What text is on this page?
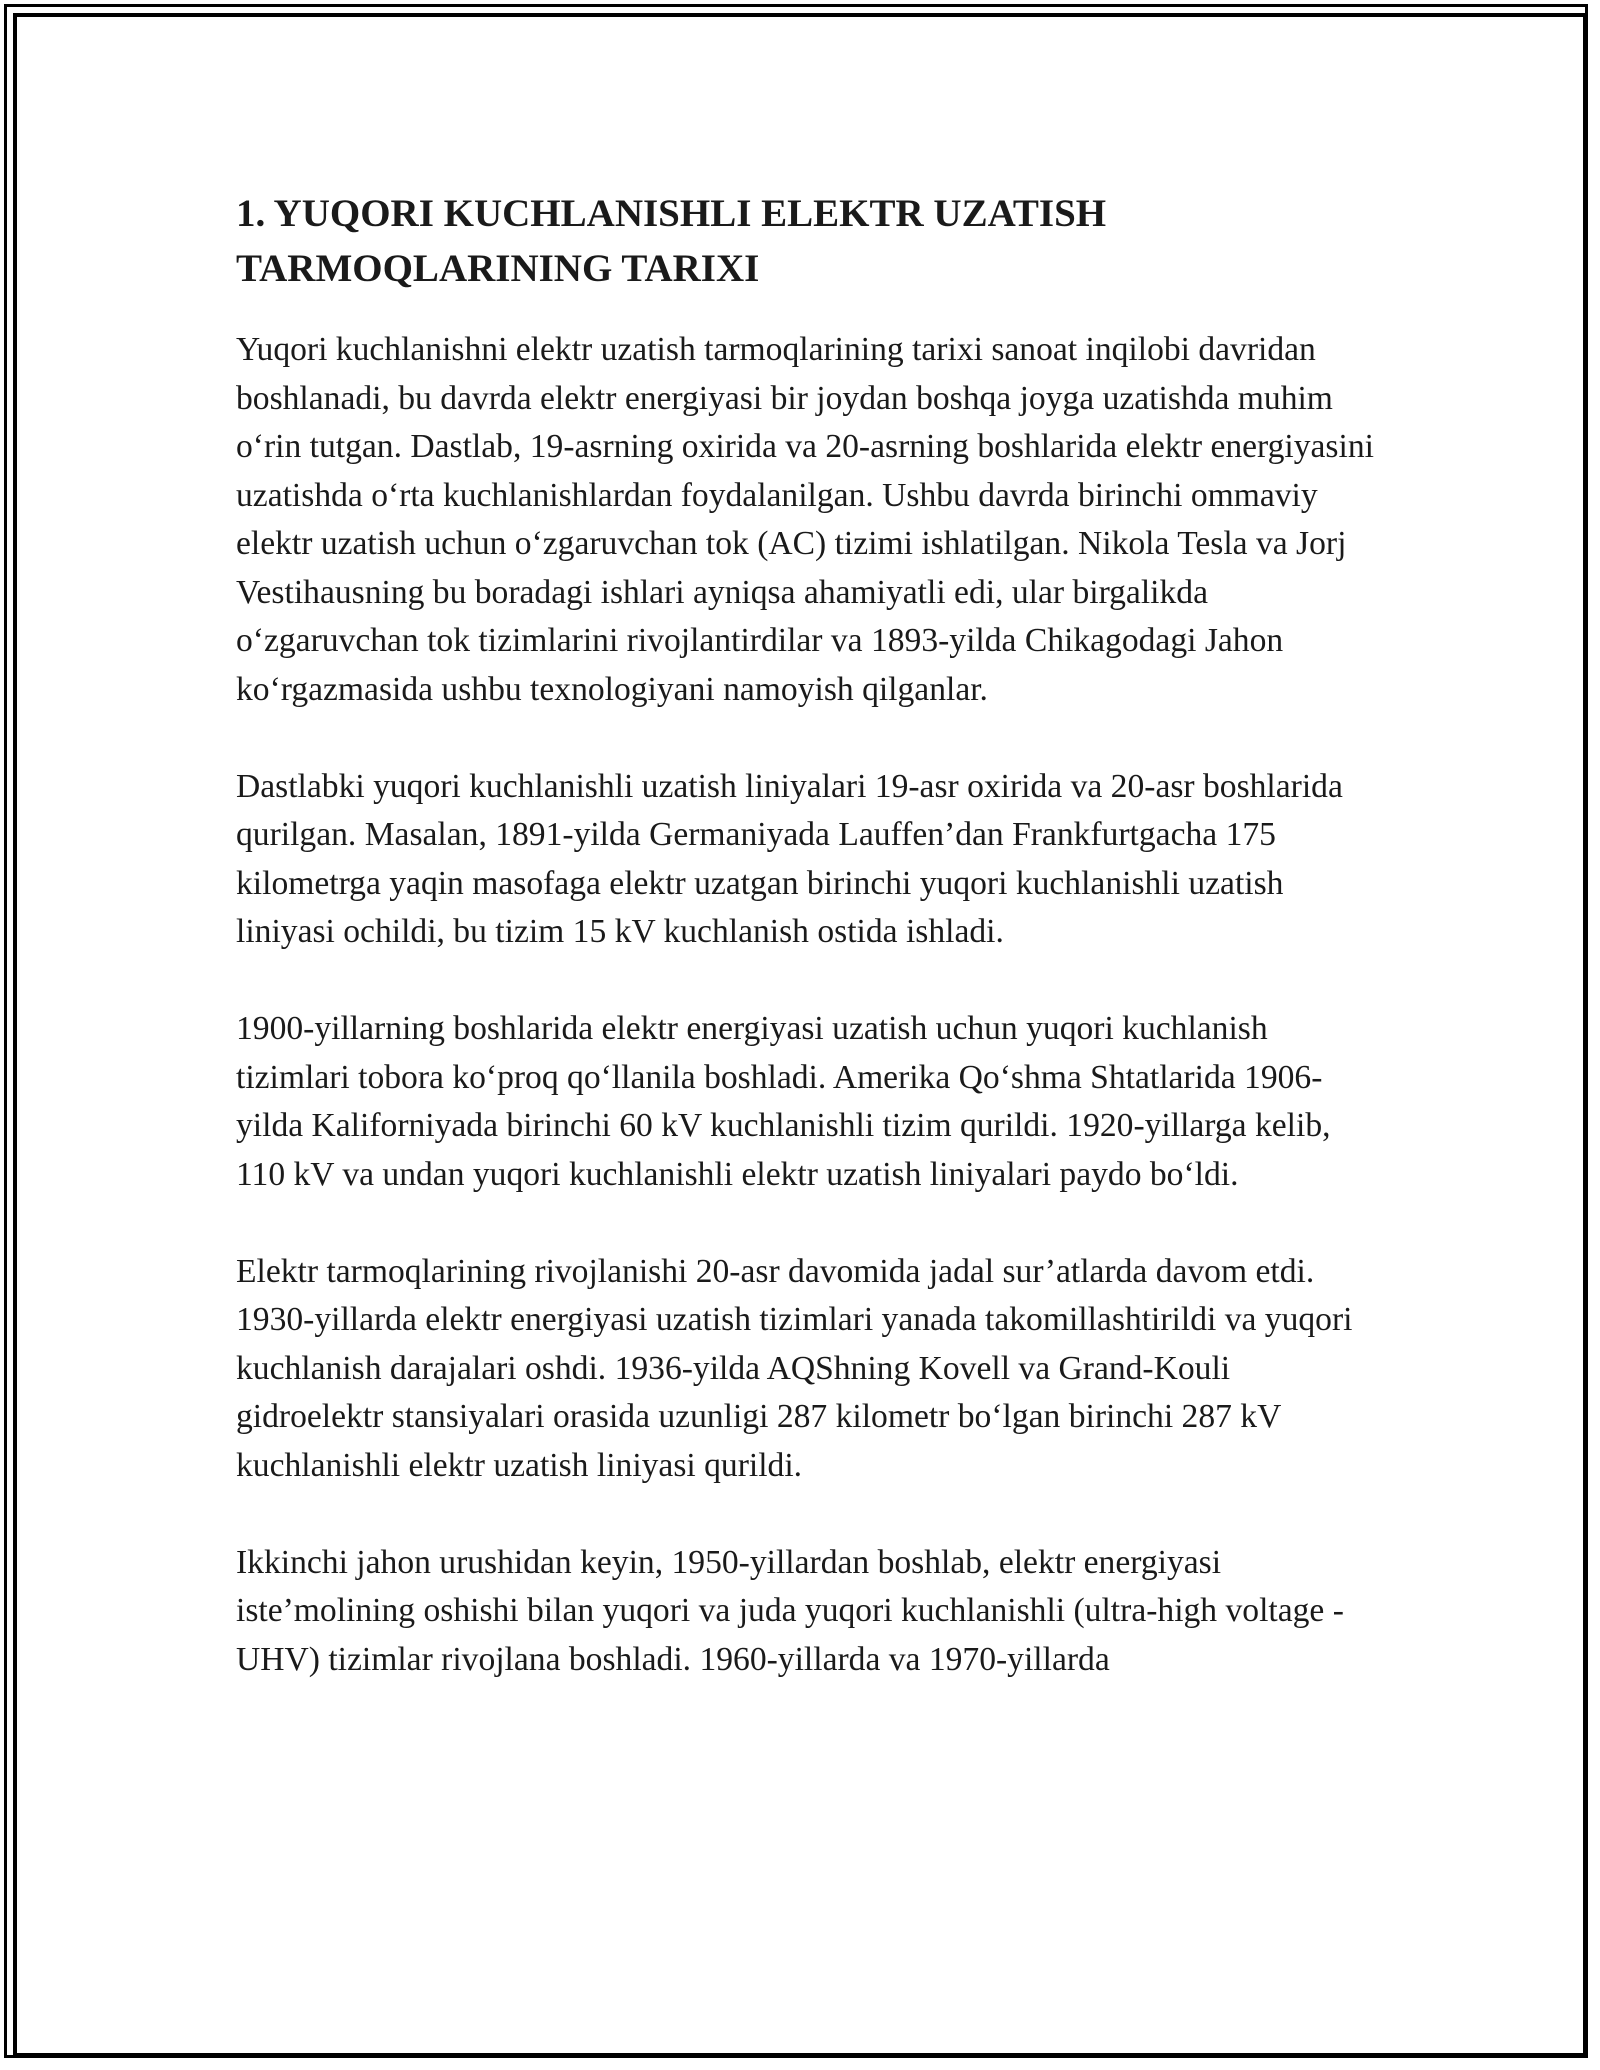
1. YUQORI KUCHLANISHLI ELEKTR UZATISH
TARMOQLARINING TARIXI

Yuqori kuchlanishni elektr uzatish tarmoqlarining tarixi sanoat inqilobi davridan boshlanadi, bu davrda elektr energiyasi bir joydan boshqa joyga uzatishda muhim o‘rin tutgan. Dastlab, 19-asrning oxirida va 20-asrning boshlarida elektr energiyasini uzatishda o‘rta kuchlanishlardan foydalanilgan. Ushbu davrda birinchi ommaviy elektr uzatish uchun o‘zgaruvchan tok (AC) tizimi ishlatilgan. Nikola Tesla va Jorj Vestihausning bu boradagi ishlari ayniqsa ahamiyatli edi, ular birgalikda o‘zgaruvchan tok tizimlarini rivojlantirdilar va 1893-yilda Chikagodagi Jahon ko‘rgazmasida ushbu texnologiyani namoyish qilganlar.

Dastlabki yuqori kuchlanishli uzatish liniyalari 19-asr oxirida va 20-asr boshlarida qurilgan. Masalan, 1891-yilda Germaniyada Lauffen’dan Frankfurtgacha 175 kilometrga yaqin masofaga elektr uzatgan birinchi yuqori kuchlanishli uzatish liniyasi ochildi, bu tizim 15 kV kuchlanish ostida ishladi.

1900-yillarning boshlarida elektr energiyasi uzatish uchun yuqori kuchlanish tizimlari tobora ko‘proq qo‘llanila boshladi. Amerika Qo‘shma Shtatlarida 1906-yilda Kaliforniyada birinchi 60 kV kuchlanishli tizim qurildi. 1920-yillarga kelib, 110 kV va undan yuqori kuchlanishli elektr uzatish liniyalari paydo bo‘ldi.

Elektr tarmoqlarining rivojlanishi 20-asr davomida jadal sur’atlarda davom etdi. 1930-yillarda elektr energiyasi uzatish tizimlari yanada takomillashtirildi va yuqori kuchlanish darajalari oshdi. 1936-yilda AQShning Kovell va Grand-Kouli gidroelektr stansiyalari orasida uzunligi 287 kilometr bo‘lgan birinchi 287 kV kuchlanishli elektr uzatish liniyasi qurildi.

Ikkinchi jahon urushidan keyin, 1950-yillardan boshlab, elektr energiyasi iste’molining oshishi bilan yuqori va juda yuqori kuchlanishli (ultra-high voltage - UHV) tizimlar rivojlana boshladi. 1960-yillarda va 1970-yillarda
